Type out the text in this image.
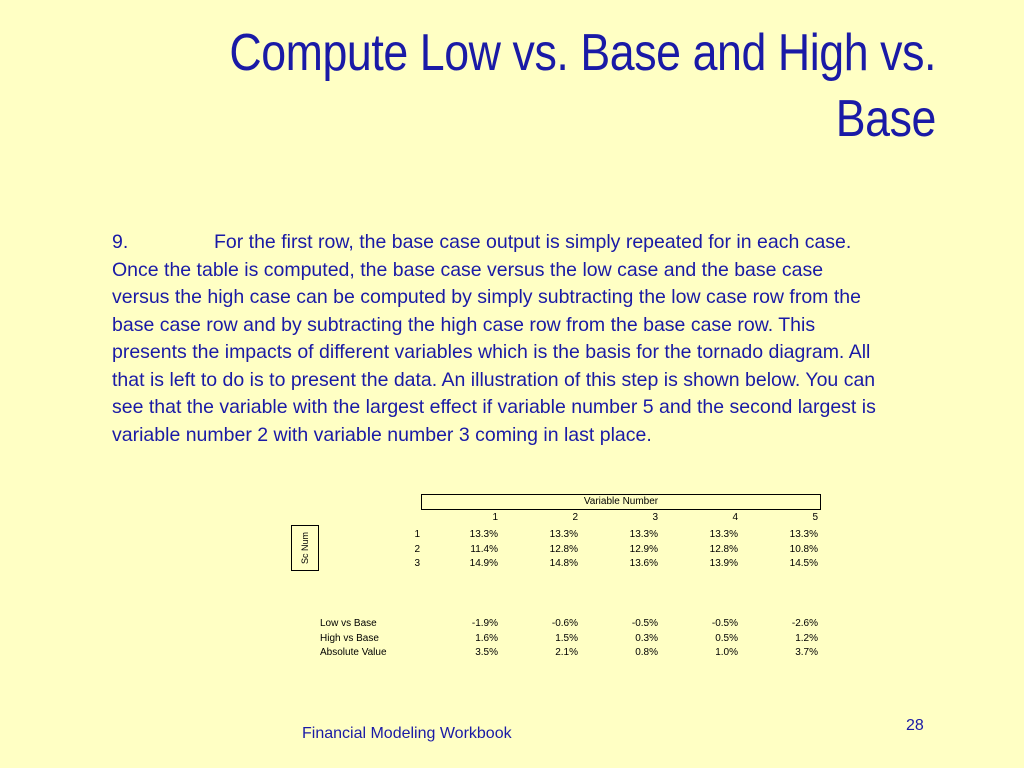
Compute Low vs. Base and High vs.
Base
9.	For the first row, the base case output is simply repeated for in each case. Once the table is computed, the base case versus the low case and the base case versus the high case can be computed by simply subtracting the low case row from the base case row and by subtracting the high case row from the base case row. This presents the impacts of different variables which is the basis for the tornado diagram. All that is left to do is to present the data. An illustration of this step is shown below. You can see that the variable with the largest effect if variable number 5 and the second largest is variable number 2 with variable number 3 coming in last place.
Variable Number
Sc Num
1	2	3	4	5
1	13.3%	13.3%	13.3%	13.3%	13.3%
2	11.4%	12.8%	12.9%	12.8%	10.8%
3	14.9%	14.8%	13.6%	13.9%	14.5%
Low vs Base	-1.9%	-0.6%	-0.5%	-0.5%	-2.6%
High vs Base	1.6%	1.5%	0.3%	0.5%	1.2%
Absolute Value	3.5%	2.1%	0.8%	1.0%	3.7%
Financial Modeling Workbook	28
